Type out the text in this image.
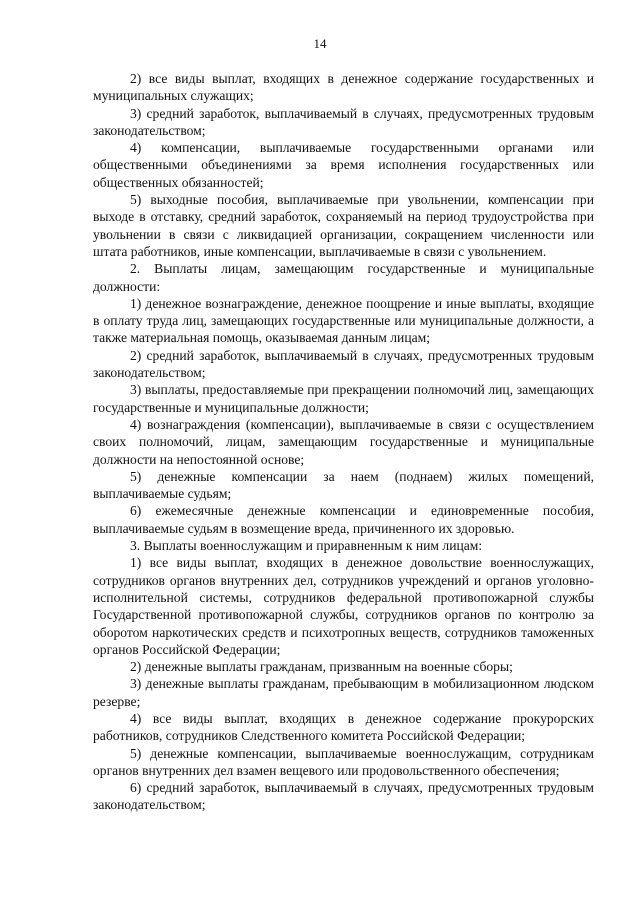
14

2) все виды выплат, входящих в денежное содержание государственных и муниципальных служащих;

3) средний заработок, выплачиваемый в случаях, предусмотренных трудовым законодательством;

4) компенсации, выплачиваемые государственными органами или общественными объединениями за время исполнения государственных или общественных обязанностей;

5) выходные пособия, выплачиваемые при увольнении, компенсации при выходе в отставку, средний заработок, сохраняемый на период трудоустройства при увольнении в связи с ликвидацией организации, сокращением численности или штата работников, иные компенсации, выплачиваемые в связи с увольнением.

2. Выплаты лицам, замещающим государственные и муниципальные должности:

1) денежное вознаграждение, денежное поощрение и иные выплаты, входящие в оплату труда лиц, замещающих государственные или муниципальные должности, а также материальная помощь, оказываемая данным лицам;

2) средний заработок, выплачиваемый в случаях, предусмотренных трудовым законодательством;

3) выплаты, предоставляемые при прекращении полномочий лиц, замещающих государственные и муниципальные должности;

4) вознаграждения (компенсации), выплачиваемые в связи с осуществлением своих полномочий, лицам, замещающим государственные и муниципальные должности на непостоянной основе;

5) денежные компенсации за наем (поднаем) жилых помещений, выплачиваемые судьям;

6) ежемесячные денежные компенсации и единовременные пособия, выплачиваемые судьям в возмещение вреда, причиненного их здоровью.

3. Выплаты военнослужащим и приравненным к ним лицам:

1) все виды выплат, входящих в денежное довольствие военнослужащих, сотрудников органов внутренних дел, сотрудников учреждений и органов уголовно-исполнительной системы, сотрудников федеральной противопожарной службы Государственной противопожарной службы, сотрудников органов по контролю за оборотом наркотических средств и психотропных веществ, сотрудников таможенных органов Российской Федерации;

2) денежные выплаты гражданам, призванным на военные сборы;

3) денежные выплаты гражданам, пребывающим в мобилизационном людском резерве;

4) все виды выплат, входящих в денежное содержание прокурорских работников, сотрудников Следственного комитета Российской Федерации;

5) денежные компенсации, выплачиваемые военнослужащим, сотрудникам органов внутренних дел взамен вещевого или продовольственного обеспечения;

6) средний заработок, выплачиваемый в случаях, предусмотренных трудовым законодательством;
